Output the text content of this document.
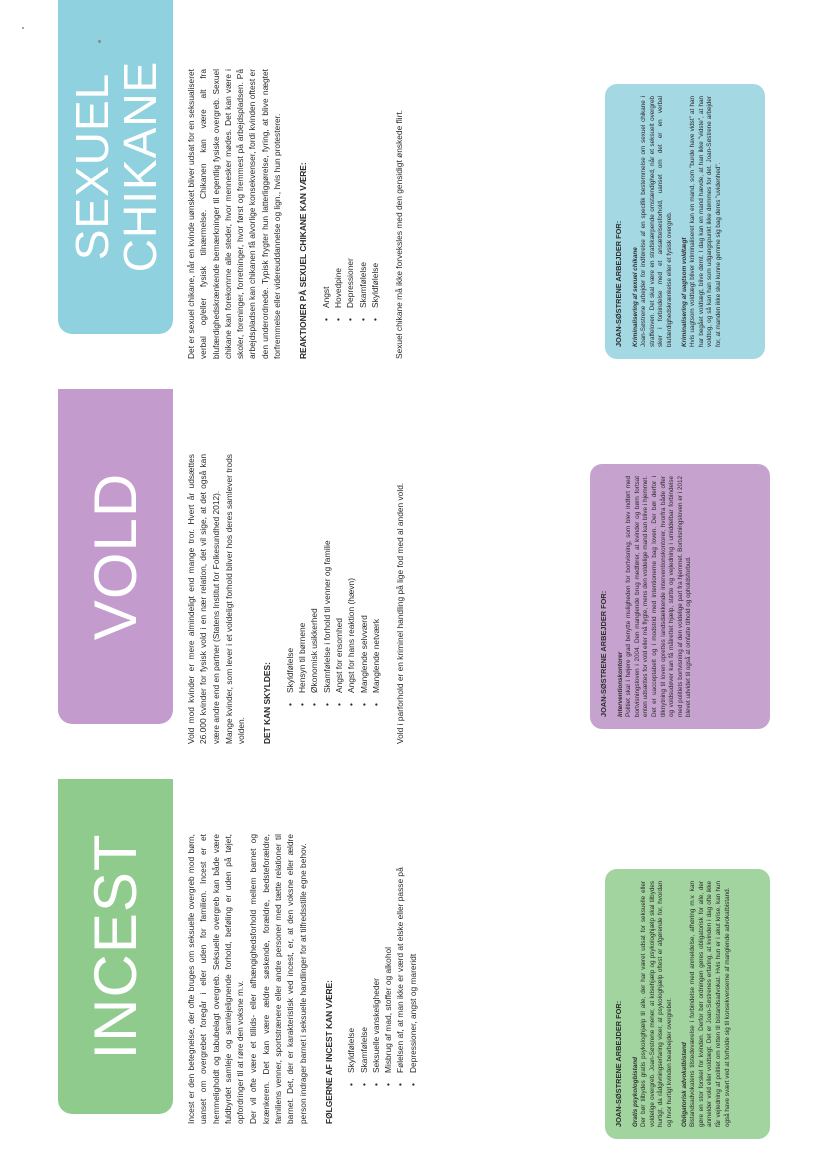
INCEST	Incest er den betegnelse, der ofte bruges om seksuelle overgreb mod børn, uanset om overgrebet foregår i eller uden for familien. Incest er et hemmeligholdt og tabubelagt overgreb. Seksuelle overgreb kan både være fuldbyrdet samleje og samlejelignende forhold, beføling er uden på tøjet, opfordringer til at røre den voksne m.v. Der vil ofte være et tillids- eller afhængighedsforhold mellem barnet og krænkeren. Det kan være ældre søskende, forældre, bedsteforældre, familiens venner, sportstrænere eller andre personer med tætte relationer til barnet. Det, der er karakteristisk ved incest, er, at den voksne eller ældre person indrager barnet i seksuelle handlinger for at tilfredsstille egne behov. FØLGERNE AF INCEST KAN VÆRE: • Skyldfølelse • Skamfølelse • Seksuelle vanskeligheder • Misbrug af mad, stoffer og alkohol • Følelsen af, at man ikke er værd at elske eller passe på • Depressioner, angst og mareridt	JOAN-SØSTRENE ARBEJDER FOR: Gratis psykologbistand Der bør tilbydes gratis psykologhjælp til alle, der har været udsat for seksuelle eller voldelige overgreb. Joan-Søstrene mener, at krisehjælp og psykologhjælp skal tilbydes hurtigt, da rådgivningserfaring viser, at psykologhjælp oftest er afgørende for, hvordan og hvor hurtigt kvinden bearbejder overgrebet. Obligatorisk advokatbistand Bistandsadvokatens tilstedeværelse i forbindelse med anmeldelse, afhøring m.v. kan gøre en stor forskel for kvinden. Derfor bør ordningen gøres obligatorisk for alle, der anmelder vold eller voldtægt. Det er Joan-Søstrenes erfaring, at kvinden i dag ofte ikke får vejledning af politiet om retten til bistandsadvokat. Hvis hun er i akut krise, kan hun også have svært ved at forholde sig til konsekvenserne af manglende advokatbistand.

VOLD	Vold mod kvinder er mere almindeligt end mange tror. Hvert år udsættes 26.000 kvinder for fysisk vold i en nær relation, det vil sige, at det også kan være andre end en partner (Statens Institut for Folkesundhed 2012). Mange kvinder, som lever i et voldeligt forhold bliver hos deres samlever trods volden. DET KAN SKYLDES: • Skyldfølelse • Hensyn til børnene • Økonomisk usikkerhed • Skamfølelse i forhold til venner og familie • Angst for ensomhed • Angst for hans reaktion (hævn) • Manglende selvværd • Manglende netværk Vold i parforhold er en kriminel handling på lige fod med al anden vold.	JOAN-SØSTRENE ARBEJDER FOR: Interventionskontorer Politiet skal i højere grad benytte muligheden for bortvisning, som blev indført med bortvisningsloven i 2004. Den manglende brug medfører, at kvinder og børn fortsat enten udsættes for vold eller må flygte, mens den voldelige mand kan blive i hjemmet. Det er uacceptabelt og i modstrid med intentionerne bag loven. Der bør derfor i tilknytning til loven oprettes landsdækkende interventionskontorer, hvorfra både offer og voldsudøver kan få målrettet hjælp, støtte og vejledning i umiddelbar forbindelse med politiets bortvisning af den voldelige part fra hjemmet. Bortvisningsloven er i 2012 blevet udvidet til også at omfatte tilhold og opholdsforbud.

SEXUEL
CHIKANE Det er sexuel chikane, når en kvinde uønsket bliver udsat for en seksualiseret verbal og/eller fysisk tilnærmelse. Chikanen kan være alt fra blufærdighedskrænkende bemærkninger til egentlig fysiske overgreb. Sexuel chikane kan forekomme alle steder, hvor mennesker mødes. Det kan være i skoler, foreninger, forretninger, hvor først og fremmest på arbejdspladsen. På arbejdspladsen kan chikanen få alvorlige konsekvenser, fordi kvinden oftest er den underordnede. Typisk frygter hun latterliggørelse, fyring, at blive nægtet forfremmelse eller videreuddannelse og lign., hvis hun protesterer. REAKTIONER PÅ SEXUEL CHIKANE KAN VÆRE: • Angst • Hovedpine • Depressioner • Skamfølelse • Skyldfølelse Sexuel chikane må ikke forveksles med den gensidigt ønskede flirt.	JOAN-SØSTRENE ARBEJDER FOR: Kriminalisering af sexuel chikane Joan-Søstrene arbejder for indførelse af en specifik bestemmelse om sexuel chikane i straffeloven. Det skal være en strafskærpende omstændighed, når et seksuelt overgreb sker i forbindelse med et ansættelsesforhold, uanset om det er en verbal blufærdighedskrænkelse eller et fysisk overgreb. Kriminalisering af uagtsom voldtægt Hvis uagtsom voldtægt bliver kriminaliseret kan en mand, som "burde have vidst" at han har begået voldtægt, blive dømt. I dag kan en mand hævde, at han ikke "vidste", at han voldtog, og så kan han som udgangspunkt ikke dømmes for det. Joan-Søstrene arbejder for, at manden ikke skal kunne gemme sig bag deres "uvidenhed".
